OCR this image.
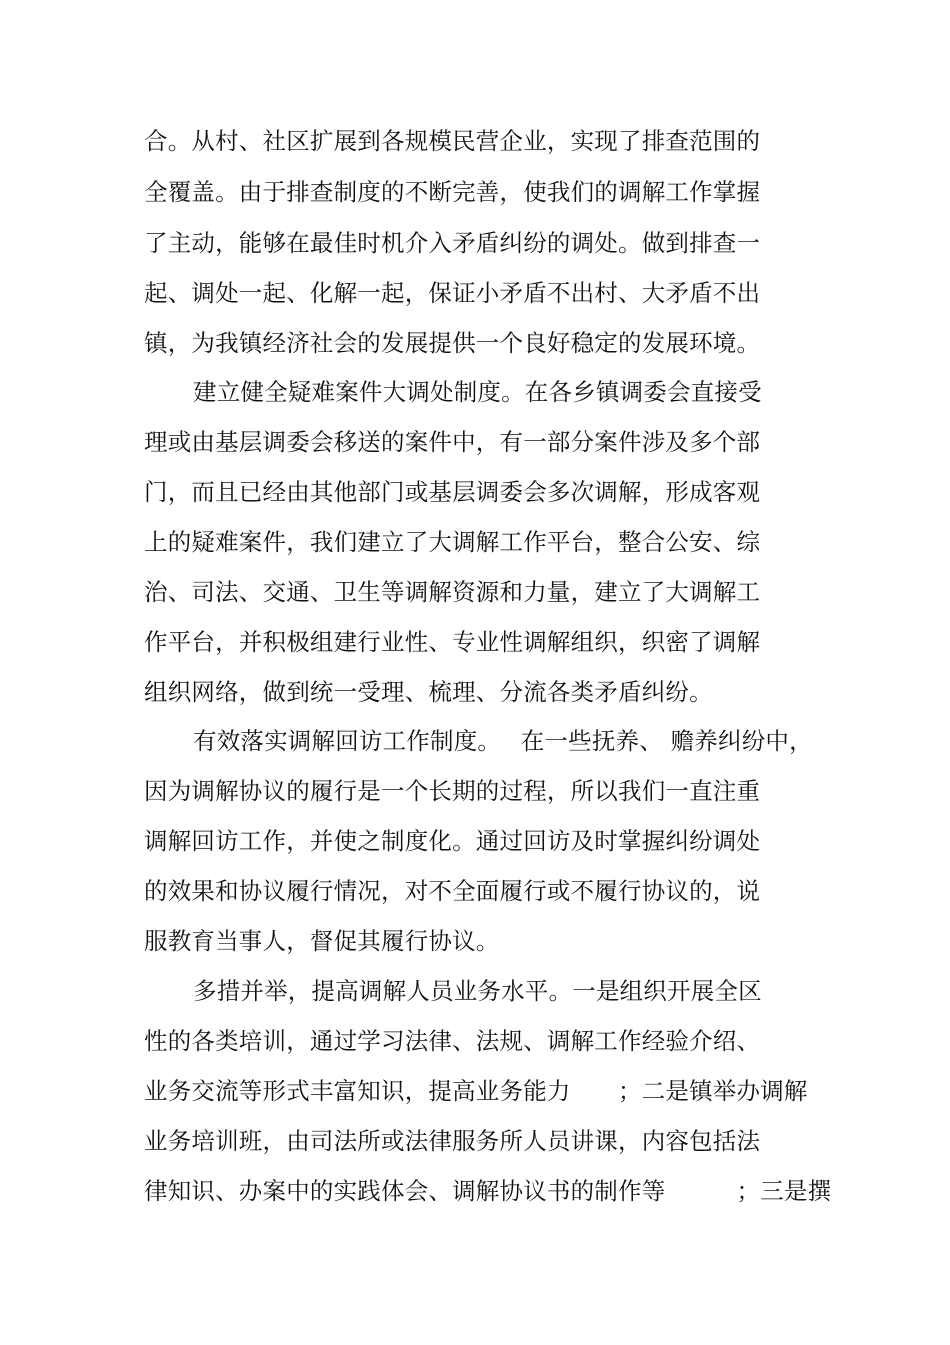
合。从村、社区扩展到各规模民营企业，实现了排查范围的
全覆盖。由于排查制度的不断完善，使我们的调解工作掌握
了主动，能够在最佳时机介入矛盾纠纷的调处。做到排查一
起、调处一起、化解一起，保证小矛盾不出村、大矛盾不出
镇，为我镇经济社会的发展提供一个良好稳定的发展环境。
建立健全疑难案件大调处制度。在各乡镇调委会直接受
理或由基层调委会移送的案件中，有一部分案件涉及多个部
门，而且已经由其他部门或基层调委会多次调解，形成客观
上的疑难案件，我们建立了大调解工作平台，整合公安、综
治、司法、交通、卫生等调解资源和力量，建立了大调解工
作平台，并积极组建行业性、专业性调解组织，织密了调解
组织网络，做到统一受理、梳理、分流各类矛盾纠纷。
有效落实调解回访工作制度。　 在一些抚养、 赡养纠纷中，
因为调解协议的履行是一个长期的过程，所以我们一直注重
调解回访工作，并使之制度化。通过回访及时掌握纠纷调处
的效果和协议履行情况，对不全面履行或不履行协议的，说
服教育当事人，督促其履行协议。
多措并举，提高调解人员业务水平。一是组织开展全区
性的各类培训，通过学习法律、法规、调解工作经验介绍、
业务交流等形式丰富知识，提高业务能力　　；二是镇举办调解
业务培训班，由司法所或法律服务所人员讲课，内容包括法
律知识、办案中的实践体会、调解协议书的制作等　　　；三是撰
